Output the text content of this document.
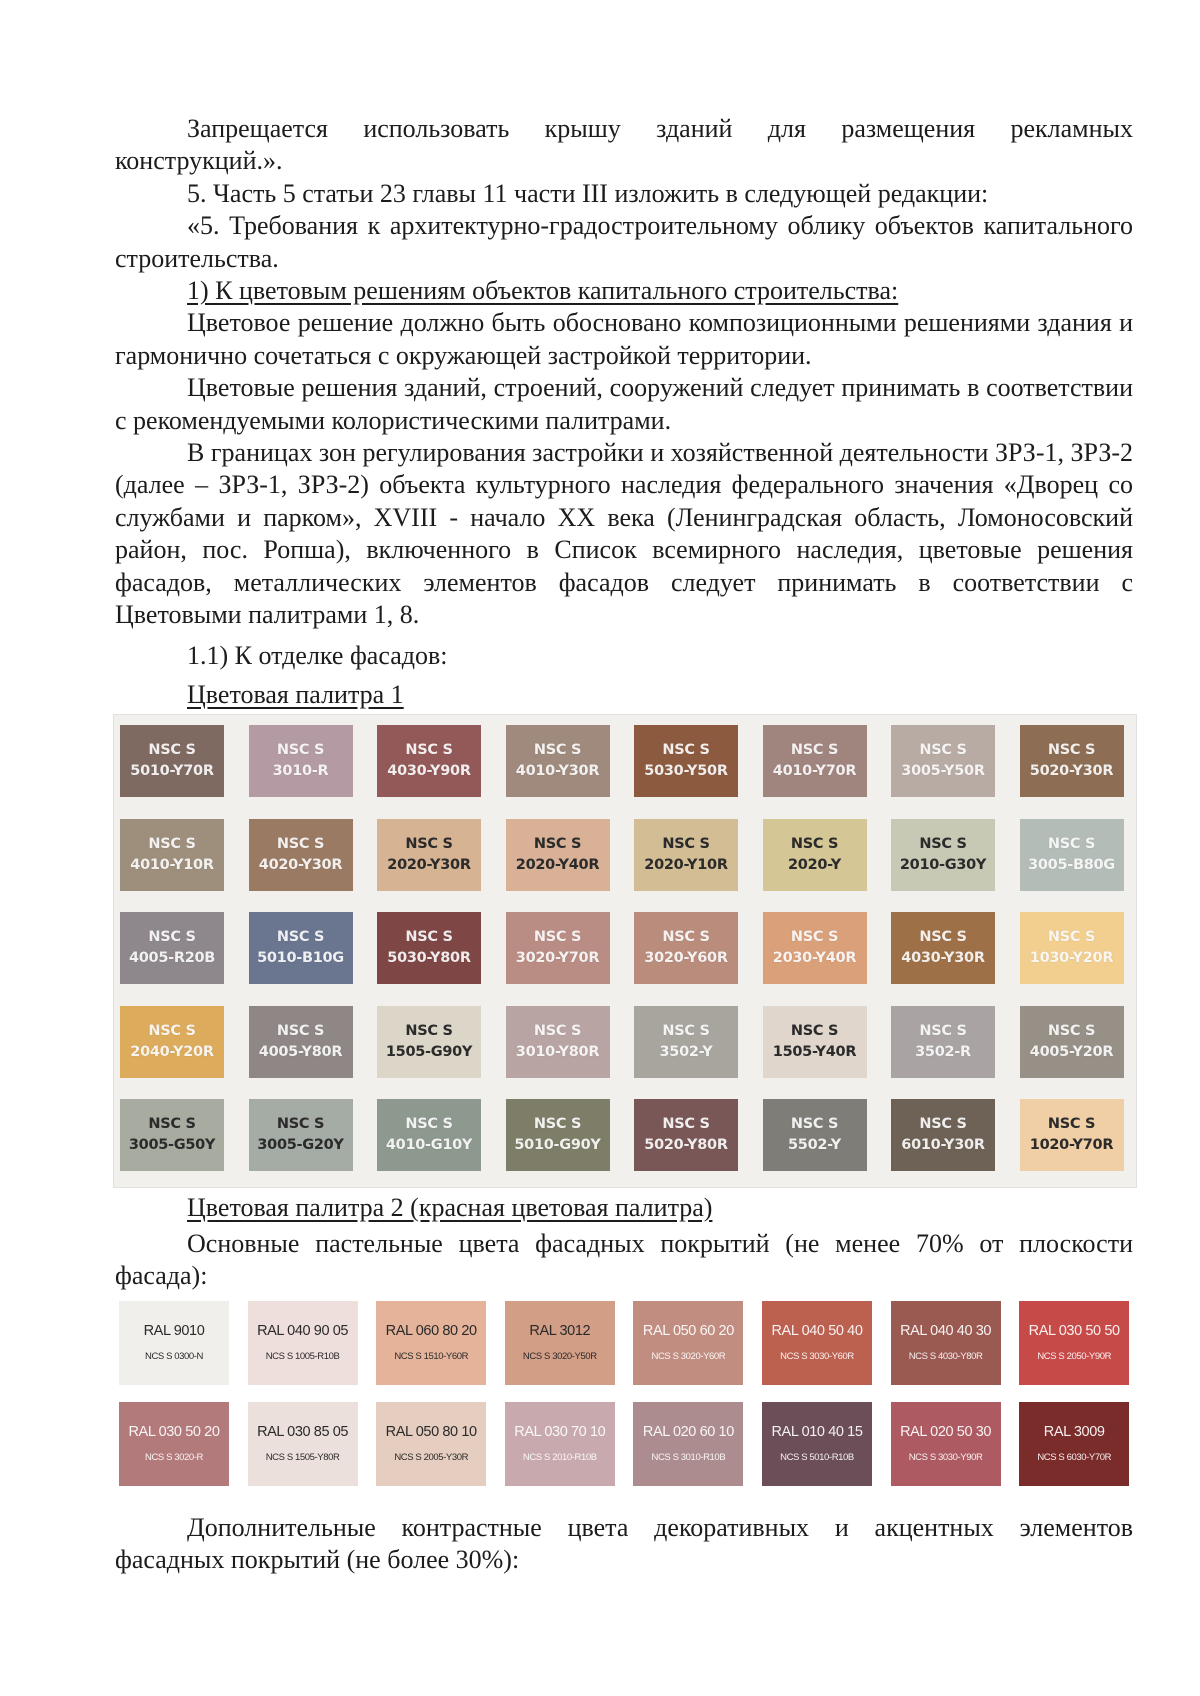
Запрещается использовать крышу зданий для размещения рекламных конструкций.».

5. Часть 5 статьи 23 главы 11 части III изложить в следующей редакции:

«5. Требования к архитектурно-градостроительному облику объектов капитального строительства.

1) К цветовым решениям объектов капитального строительства:

Цветовое решение должно быть обосновано композиционными решениями здания и гармонично сочетаться с окружающей застройкой территории.

Цветовые решения зданий, строений, сооружений следует принимать в соответствии с рекомендуемыми колористическими палитрами.

В границах зон регулирования застройки и хозяйственной деятельности ЗРЗ-1, ЗРЗ-2 (далее – ЗРЗ-1, ЗРЗ-2) объекта культурного наследия федерального значения «Дворец со службами и парком», XVIII - начало XX века (Ленинградская область, Ломоносовский район, пос. Ропша), включенного в Список всемирного наследия, цветовые решения фасадов, металлических элементов фасадов следует принимать в соответствии с Цветовыми палитрами 1, 8.

1.1) К отделке фасадов:
Цветовая палитра 1
NSC S
5010-Y70R
NSC S
3010-R
NSC S
4030-Y90R
NSC S
4010-Y30R
NSC S
5030-Y50R
NSC S
4010-Y70R
NSC S
3005-Y50R
NSC S
5020-Y30R
NSC S
4010-Y10R
NSC S
4020-Y30R
NSC S
2020-Y30R
NSC S
2020-Y40R
NSC S
2020-Y10R
NSC S
2020-Y
NSC S
2010-G30Y
NSC S
3005-B80G
NSC S
4005-R20B
NSC S
5010-B10G
NSC S
5030-Y80R
NSC S
3020-Y70R
NSC S
3020-Y60R
NSC S
2030-Y40R
NSC S
4030-Y30R
NSC S
1030-Y20R
NSC S
2040-Y20R
NSC S
4005-Y80R
NSC S
1505-G90Y
NSC S
3010-Y80R
NSC S
3502-Y
NSC S
1505-Y40R
NSC S
3502-R
NSC S
4005-Y20R
NSC S
3005-G50Y
NSC S
3005-G20Y
NSC S
4010-G10Y
NSC S
5010-G90Y
NSC S
5020-Y80R
NSC S
5502-Y
NSC S
6010-Y30R
NSC S
1020-Y70R
Цветовая палитра 2 (красная цветовая палитра)

Основные пастельные цвета фасадных покрытий (не менее 70% от плоскости фасада):

RAL 9010
NCS S 0300-N
RAL 040 90 05
NCS S 1005-R10B
RAL 060 80 20
NCS S 1510-Y60R
RAL 3012
NCS S 3020-Y50R
RAL 050 60 20
NCS S 3020-Y60R
RAL 040 50 40
NCS S 3030-Y60R
RAL 040 40 30
NCS S 4030-Y80R
RAL 030 50 50
NCS S 2050-Y90R
RAL 030 50 20
NCS S 3020-R
RAL 030 85 05
NCS S 1505-Y80R
RAL 050 80 10
NCS S 2005-Y30R
RAL 030 70 10
NCS S 2010-R10B
RAL 020 60 10
NCS S 3010-R10B
RAL 010 40 15
NCS S 5010-R10B
RAL 020 50 30
NCS S 3030-Y90R
RAL 3009
NCS S 6030-Y70R

Дополнительные контрастные цвета декоративных и акцентных элементов фасадных покрытий (не более 30%):
